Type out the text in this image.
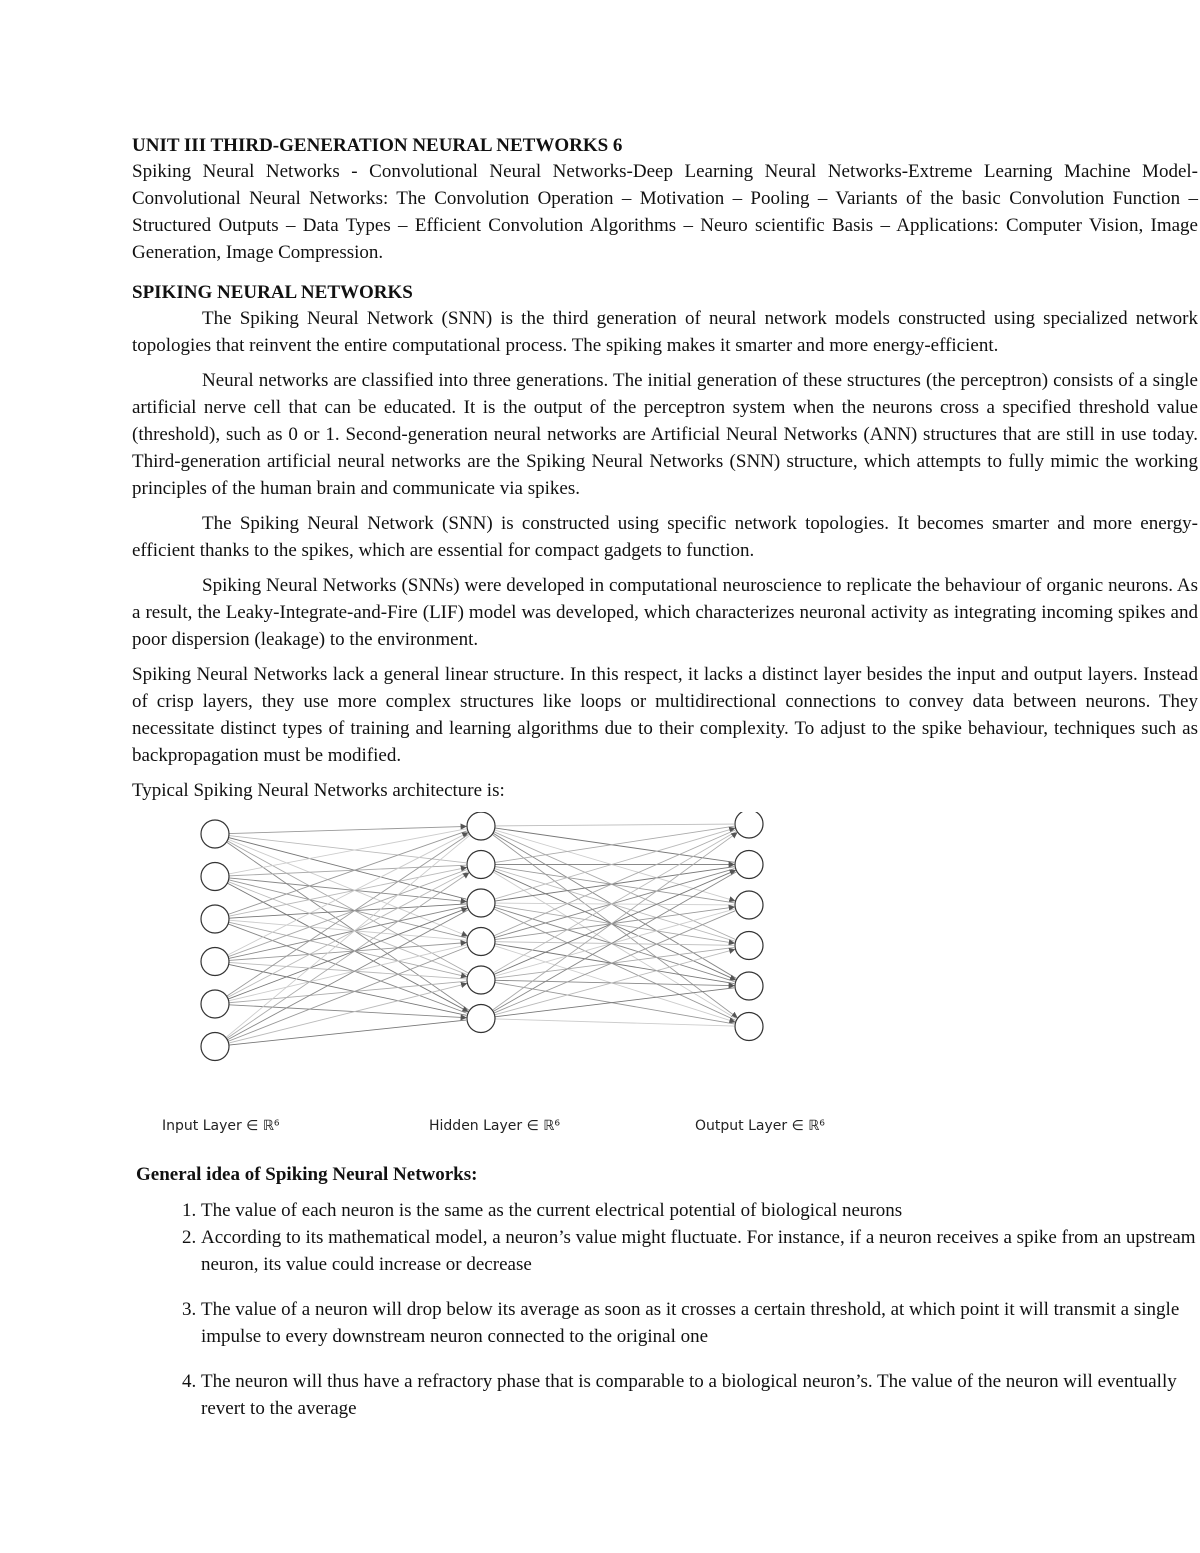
UNIT III THIRD-GENERATION NEURAL NETWORKS 6

Spiking Neural Networks - Convolutional Neural Networks-Deep Learning Neural Networks-Extreme Learning Machine Model- Convolutional Neural Networks: The Convolution Operation – Motivation – Pooling – Variants of the basic Convolution Function – Structured Outputs – Data Types – Efficient Convolution Algorithms – Neuro scientific Basis – Applications: Computer Vision, Image Generation, Image Compression.

SPIKING NEURAL NETWORKS

The Spiking Neural Network (SNN) is the third generation of neural network models constructed using specialized network topologies that reinvent the entire computational process. The spiking makes it smarter and more energy-efficient.

Neural networks are classified into three generations. The initial generation of these structures (the perceptron) consists of a single artificial nerve cell that can be educated. It is the output of the perceptron system when the neurons cross a specified threshold value (threshold), such as 0 or 1. Second-generation neural networks are Artificial Neural Networks (ANN) structures that are still in use today. Third-generation artificial neural networks are the Spiking Neural Networks (SNN) structure, which attempts to fully mimic the working principles of the human brain and communicate via spikes.

The Spiking Neural Network (SNN) is constructed using specific network topologies. It becomes smarter and more energy-efficient thanks to the spikes, which are essential for compact gadgets to function.

Spiking Neural Networks (SNNs) were developed in computational neuroscience to replicate the behaviour of organic neurons. As a result, the Leaky-Integrate-and-Fire (LIF) model was developed, which characterizes neuronal activity as integrating incoming spikes and poor dispersion (leakage) to the environment.

Spiking Neural Networks lack a general linear structure. In this respect, it lacks a distinct layer besides the input and output layers. Instead of crisp layers, they use more complex structures like loops or multidirectional connections to convey data between neurons. They necessitate distinct types of training and learning algorithms due to their complexity. To adjust to the spike behaviour, techniques such as backpropagation must be modified.

Typical Spiking Neural Networks architecture is:

Input Layer ∈ ℝ⁶	Hidden Layer ∈ ℝ⁶	Output Layer ∈ ℝ⁶
General idea of Spiking Neural Networks:
1. The value of each neuron is the same as the current electrical potential of biological neurons
2. According to its mathematical model, a neuron’s value might fluctuate. For instance, if a neuron receives a spike from an upstream neuron, its value could increase or decrease
3. The value of a neuron will drop below its average as soon as it crosses a certain threshold, at which point it will transmit a single impulse to every downstream neuron connected to the original one
4. The neuron will thus have a refractory phase that is comparable to a biological neuron’s. The value of the neuron will eventually revert to the average
